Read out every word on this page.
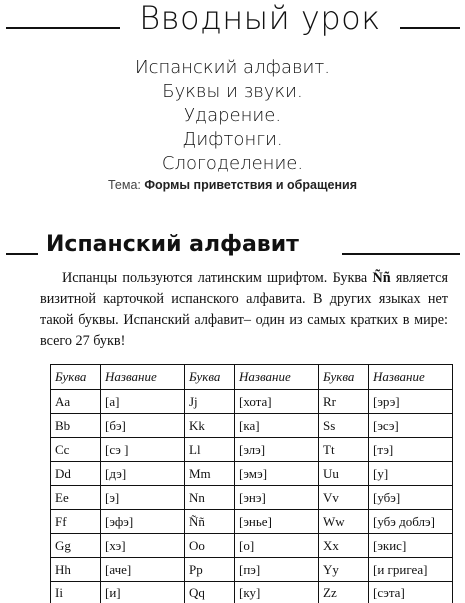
Вводный урок
Испанский алфавит.
Буквы и звуки.
Ударение.
Дифтонги.
Слогоделение.
Тема: Формы приветствия и обращения
Испанский алфавит

Испанцы пользуются латинским шрифтом. Буква Ññ является визитной карточкой испанского алфавита. В других языках нет такой буквы. Испанский алфавит– один из самых кратких в мире: всего 27 букв!

Буква	Название	Буква	Название	Буква	Название
Aa	[а]	Jj	[хота]	Rr	[эрэ]
Bb	[бэ]	Kk	[ка]	Ss	[эсэ]
Cc	[сэ ]	Ll	[элэ]	Tt	[тэ]
Dd	[дэ]	Mm	[эмэ]	Uu	[у]
Ee	[э]	Nn	[энэ]	Vv	[убэ]
Ff	[эфэ]	Ññ	[энье]	Ww	[убэ доблэ]
Gg	[хэ]	Oo	[о]	Xx	[экис]
Hh	[аче]	Pp	[пэ]	Yy	[и григеа]
Ii	[и]	Qq	[ку]	Zz	[сэта]
